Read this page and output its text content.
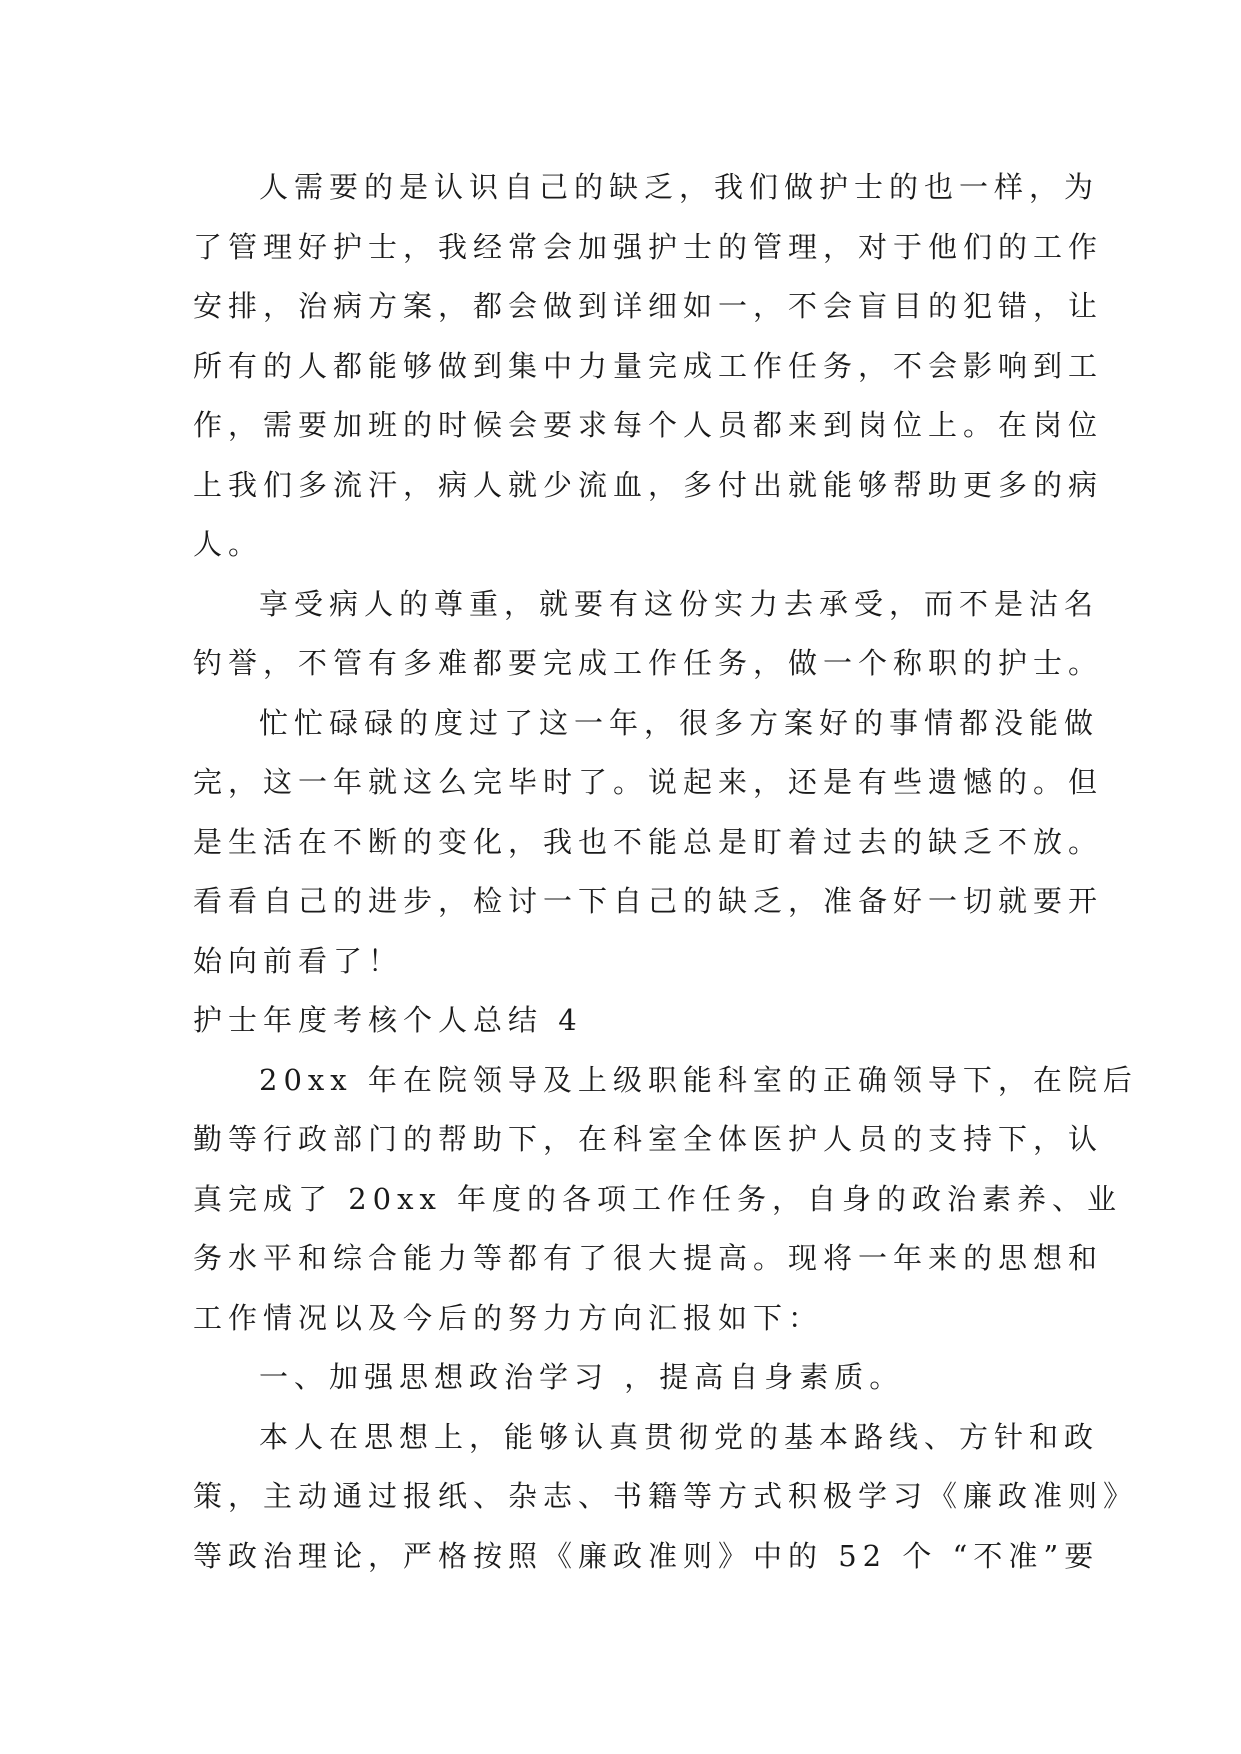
人需要的是认识自己的缺乏，我们做护士的也一样，为
了管理好护士，我经常会加强护士的管理，对于他们的工作
安排，治病方案，都会做到详细如一，不会盲目的犯错，让
所有的人都能够做到集中力量完成工作任务，不会影响到工
作，需要加班的时候会要求每个人员都来到岗位上。在岗位
上我们多流汗，病人就少流血，多付出就能够帮助更多的病
人。
享受病人的尊重，就要有这份实力去承受，而不是沽名
钓誉，不管有多难都要完成工作任务，做一个称职的护士。
忙忙碌碌的度过了这一年，很多方案好的事情都没能做
完，这一年就这么完毕时了。说起来，还是有些遗憾的。但
是生活在不断的变化，我也不能总是盯着过去的缺乏不放。
看看自己的进步，检讨一下自己的缺乏，准备好一切就要开
始向前看了！
护士年度考核个人总结 4
20xx 年在院领导及上级职能科室的正确领导下，在院后
勤等行政部门的帮助下，在科室全体医护人员的支持下，认
真完成了 20xx 年度的各项工作任务，自身的政治素养、业
务水平和综合能力等都有了很大提高。现将一年来的思想和
工作情况以及今后的努力方向汇报如下：
一、加强思想政治学习 ，提高自身素质。
本人在思想上，能够认真贯彻党的基本路线、方针和政
策，主动通过报纸、杂志、书籍等方式积极学习《廉政准则》
等政治理论，严格按照《廉政准则》中的 52 个 “不准”要
